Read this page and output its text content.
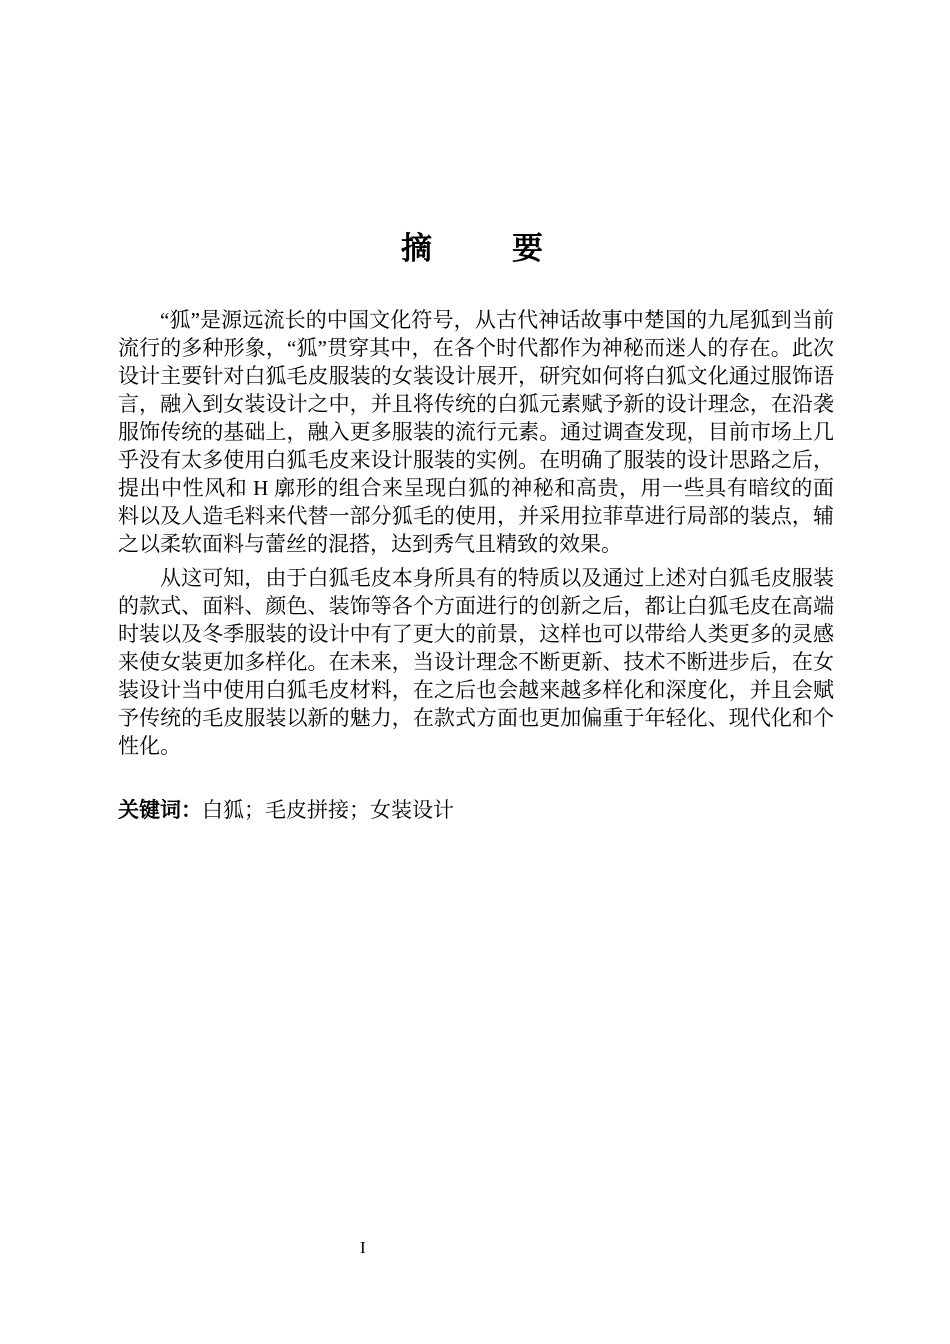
摘　　要

“狐”是源远流长的中国文化符号，从古代神话故事中楚国的九尾狐到当前流行的多种形象，“狐”贯穿其中，在各个时代都作为神秘而迷人的存在。此次设计主要针对白狐毛皮服装的女装设计展开，研究如何将白狐文化通过服饰语言，融入到女装设计之中，并且将传统的白狐元素赋予新的设计理念，在沿袭服饰传统的基础上，融入更多服装的流行元素。通过调查发现，目前市场上几乎没有太多使用白狐毛皮来设计服装的实例。在明确了服装的设计思路之后，提出中性风和 H 廓形的组合来呈现白狐的神秘和高贵，用一些具有暗纹的面料以及人造毛料来代替一部分狐毛的使用，并采用拉菲草进行局部的装点，辅之以柔软面料与蕾丝的混搭，达到秀气且精致的效果。

从这可知，由于白狐毛皮本身所具有的特质以及通过上述对白狐毛皮服装的款式、面料、颜色、装饰等各个方面进行的创新之后，都让白狐毛皮在高端时装以及冬季服装的设计中有了更大的前景，这样也可以带给人类更多的灵感来使女装更加多样化。在未来，当设计理念不断更新、技术不断进步后，在女装设计当中使用白狐毛皮材料，在之后也会越来越多样化和深度化，并且会赋予传统的毛皮服装以新的魅力，在款式方面也更加偏重于年轻化、现代化和个性化。

关键词：白狐；毛皮拼接；女装设计
I
